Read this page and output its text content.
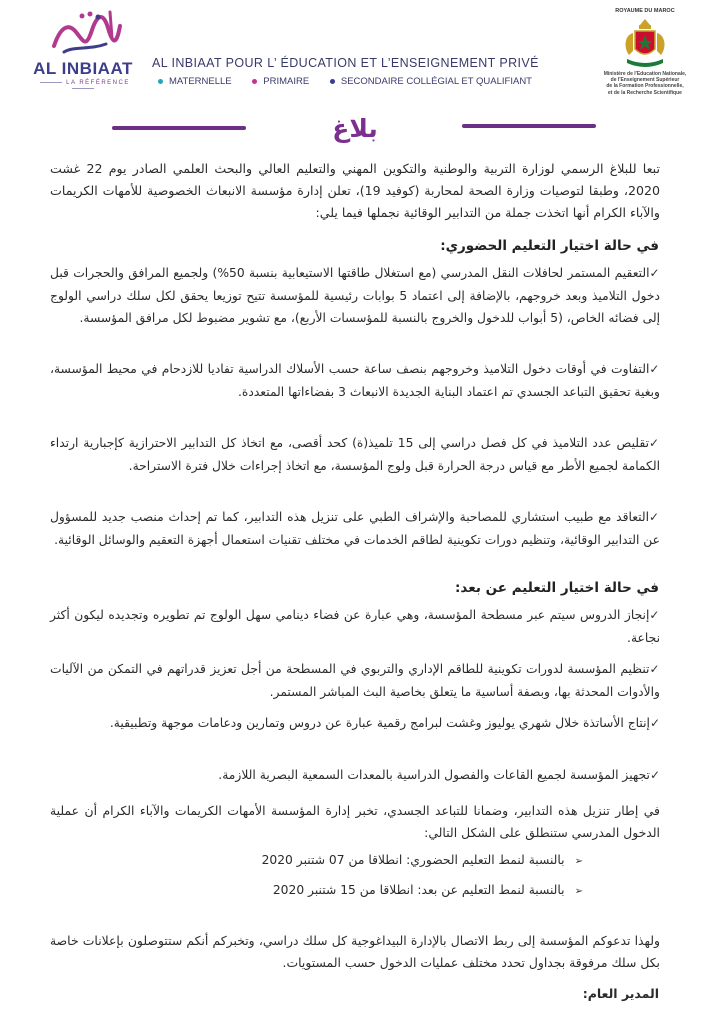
AL INBIAAT
LA RÉFÉRENCE
AL INBIAAT POUR L’ ÉDUCATION ET L’ENSEIGNEMENT PRIVÉ
MATERNELLE	PRIMAIRE	SECONDAIRE COLLÉGIAL ET QUALIFIANT
ROYAUME DU MAROC
Ministère de l'Education Nationale,
de l'Enseignement Supérieur
de la Formation Professionnelle,
et de la Recherche Scientifique
بلاغ
تبعا للبلاغ الرسمي لوزارة التربية والوطنية والتكوين المهني والتعليم العالي والبحث العلمي الصادر يوم 22 غشت 2020، وطبقا لتوصيات وزارة الصحة لمحاربة (كوفيد 19)، تعلن إدارة مؤسسة الانبعاث الخصوصية للأمهات الكريمات والآباء الكرام أنها اتخذت جملة من التدابير الوقائية نجملها فيما يلي:
في حالة اختيار التعليم الحضوري:
✓التعقيم المستمر لحافلات النقل المدرسي (مع استغلال طاقتها الاستيعابية بنسبة 50%) ولجميع المرافق والحجرات قبل دخول التلاميذ وبعد خروجهم، بالإضافة إلى اعتماد 5 بوابات رئيسية للمؤسسة تتيح توزيعا يحقق لكل سلك دراسي الولوج إلى فضائه الخاص، (5 أبواب للدخول والخروج بالنسبة للمؤسسات الأربع)، مع تشوير مضبوط لكل مرافق المؤسسة.
✓التفاوت في أوقات دخول التلاميذ وخروجهم بنصف ساعة حسب الأسلاك الدراسية تفاديا للازدحام في محيط المؤسسة، وبغية تحقيق التباعد الجسدي تم اعتماد البناية الجديدة الانبعاث 3 بفضاءاتها المتعددة.
✓تقليص عدد التلاميذ في كل فصل دراسي إلى 15 تلميذ(ة) كحد أقصى، مع اتخاذ كل التدابير الاحترازية كإجبارية ارتداء الكمامة لجميع الأطر مع قياس درجة الحرارة قبل ولوج المؤسسة، مع اتخاذ إجراءات خلال فترة الاستراحة.
✓التعاقد مع طبيب استشاري للمصاحبة والإشراف الطبي على تنزيل هذه التدابير، كما تم إحداث منصب جديد للمسؤول عن التدابير الوقائية، وتنظيم دورات تكوينية لطاقم الخدمات في مختلف تقنيات استعمال أجهزة التعقيم والوسائل الوقائية.
في حالة اختيار التعليم عن بعد:
✓إنجاز الدروس سيتم عبر مسطحة المؤسسة، وهي عبارة عن فضاء دينامي سهل الولوج تم تطويره وتجديده ليكون أكثر نجاعة.
✓تنظيم المؤسسة لدورات تكوينية للطاقم الإداري والتربوي في المسطحة من أجل تعزيز قدراتهم في التمكن من الآليات والأدوات المحدثة بها، وبصفة أساسية ما يتعلق بخاصية البث المباشر المستمر.
✓إنتاج الأساتذة خلال شهري يوليوز وغشت لبرامج رقمية عبارة عن دروس وتمارين ودعامات موجهة وتطبيقية.
✓تجهيز المؤسسة لجميع القاعات والفصول الدراسية بالمعدات السمعية البصرية اللازمة.
في إطار تنزيل هذه التدابير، وضمانا للتباعد الجسدي، تخبر إدارة المؤسسة الأمهات الكريمات والآباء الكرام أن عملية الدخول المدرسي ستنطلق على الشكل التالي:
➢بالنسبة لنمط التعليم الحضوري: انطلاقا من 07 شتنبر 2020
➢بالنسبة لنمط التعليم عن بعد: انطلاقا من 15 شتنبر 2020
ولهذا تدعوكم المؤسسة إلى ربط الاتصال بالإدارة البيداغوجية كل سلك دراسي، وتخبركم أنكم ستتوصلون بإعلانات خاصة بكل سلك مرفوقة بجداول تحدد مختلف عمليات الدخول حسب المستويات.
المدير العام:
